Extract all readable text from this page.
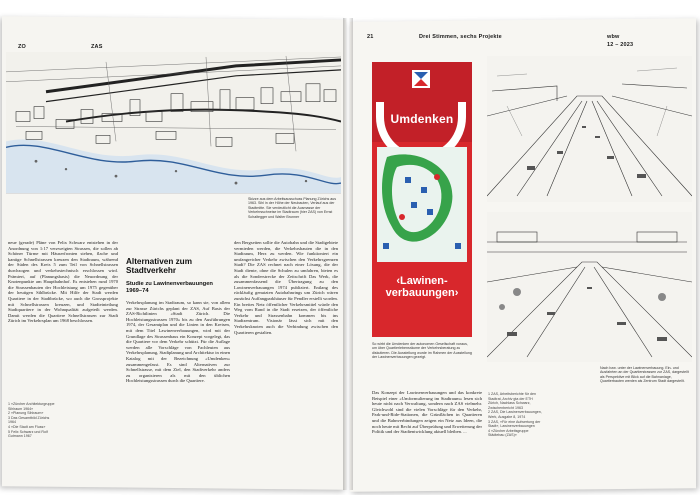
ZO	ZAS
Skizze aus dem Arbeitsausschuss Planung Zürichs aus 1963. Sihl in der Höhe der Neubauten, Verlauf aus der Stadtmitte. Sie verdeutlicht die Ausmasse der Verkehrsschneise im Stadtraum (hier ZAS) von Ernst Schaltegger und Walter Brunner
neue (gerade) Pläne von Felix Schwarz entstehen in der Anordnung von 1:17 verzweigten Strassen, die sollen ab Schöner Türme mit Häuserfronten stehen, flache und kantige Schnellstrassen kreuzen den Stadtraum, während der Süden des Kreis 5 zum Teil von Schnellstrassen durchzogen und verkehrstechnisch erschlossen wird. Prämiert, auf (Planungsbasis) die Neuordnung der Knotenpunkte am Hauptbahnhof. Es entstehen rund 1970 die Strassenbauten der Hochleistung um 1975 gegenüber der heutigen Sihlbrücke. Mit Hilfe der Stadt werden Quartiere in der Stadtbrücke, wo auch die Grossprojekte mit Schnellstrassen kreuzen, und Stadteinteilung Stadtquartiere in der Wohnqualität aufgeteilt werden. Damit werden die Quartiere Schnellstrassen zur Stadt Zürich im Verkehrsplan um 1968 beschlossen.
1 «Zürcher Architekturgruppe Sihlraum 1964»
2 «Planung Sihlraum»
3 Das Gesamtbild Zürichs 1964
4 «Die Stadt am Fluss»
5 Felix Schwarz und Rolf Gutmann 1967
Alternativen zum Stadtverkehr
Studie zu Lawinenverbauungen 1969–74
Verkehrsplanung im Stadtraum, so kann sie, von allem zur Strasse Zürichs geplant der ZAS, Auf Basis der ZAS-Richtlinien «Stadt Zürich. Die Hochleistungsstrassen 1970» bis zu den Ausführungen 1974, der Gesamtplan und die Linien in den Kreisen, mit dem Titel Lawinenverbauungen, wird mit der Grundlage des Strassenbaus ein Konzept vorgelegt, das die Quartiere vor dem Verkehr schützt. Für die Auflage werden alle Vorschläge von Fachleuten aus Verkehrsplanung, Stadtplanung und Architektur in einen Katalog mit der Bezeichnung «Umdenken» zusammengefasst. Es sind Alternativen zur Schnellstrasse, mit dem Ziel, den Stadtverkehr anders zu organisieren als mit den üblichen Hochleistungsstrassen durch die Quartiere.
den Bergseiten sollte die Autobahn und die Stadtgebiete vermieden werden, die Verkehrsbauten die in den Stadtraum, Herz zu werden. Wie funktioniert ein umfangreicher Verkehr zwischen den Verkehrsgrenzen Stadt? Die ZAS rechnet nach einer Lösung, die der Stadt diente, ohne die Schulen zu umfahren, bieten es als die Sonderstrecke der Zeitschrift Das Werk, die zusammenfassend die Übertragung zu den Lawinenverbauungen 1974 publiziert. Entlang des rückläufig genutzten Autobahnrings um Zürich wären zunächst Auffangparkhäuser für Pendler erstellt worden. Ein breites Netz öffentlicher Verkehrsmittel würde den Weg vom Rand in die Stadt ersetzen, der öffentliche Verkehr und Strassenbahn kommen bis ins Stadtzentrum. Visionär lässt sich mit den Verkehrsknoten auch die Verbindung zwischen den Quartieren gestalten.
21	Drei Stimmen, sechs Projekte	wbw
12 – 2023
Umdenken
‹Lawinen-verbauungen›
So wirbt die Umdenken der autonomen Gesellschaft voraus, um über Quartierlebensräume der Verkehrsberatung zu diskutieren. Die Ausstellung wurde im Rahmen der Ausstellung der Lawinenverbauungen gezeigt.
Das Konzept der Lawinenverbauungen und das konkrete Beispiel einer «Umformulierung im Stadtraum» lesen sich heute nicht nach Verwaltung, sondern nach ZAS vielmehr. Gleichwohl sind die vielen Vorschläge für den Verkehr, Park-und-Ride-Stationen, die Grünflächen in Quartieren und die Bahnverbindungen zeigen ein Netz aus Ideen, die noch heute mit Recht auf Überprüfung und Erweiterung der Politik und der Stadtentwicklung aktuell bleiben. ...
1 ZAS, Arbeitsberichte für den Stadtrat, Archiv gta der ETH Zürich, Nachlass Schwarz, Zwischenbericht 1963
2 ZAS, Die Lawinenverbauungen, Werk, Ausgabe 8, 1974
3 ZAS, «Für eine Aufwertung der Stadt», Lawinenverbauungen
4 «Zürcher Arbeitsgruppe Städtebau (ZAS)»
Nach bzw. unter der Lawinenverbauung. Ein- und Ausfahrten an der Quartierstrassen zur ZAS, dargestellt als Perspektive mit Blick auf die Bahnanlage, Quartierbauten werden als Zentrum Stadt dargestellt.
